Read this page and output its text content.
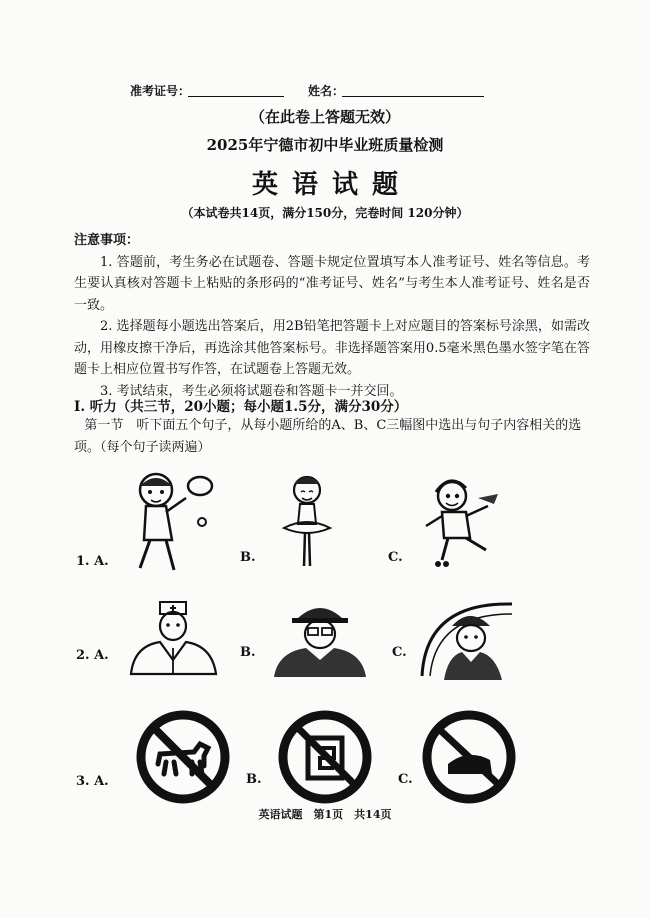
准考证号：	姓名：
（在此卷上答题无效）
2025年宁德市初中毕业班质量检测
英语试题
（本试卷共14页，满分150分，完卷时间 120分钟）
注意事项：

1. 答题前，考生务必在试题卷、答题卡规定位置填写本人准考证号、姓名等信息。考生要认真核对答题卡上粘贴的条形码的“准考证号、姓名”与考生本人准考证号、姓名是否一致。

2. 选择题每小题选出答案后，用2B铅笔把答题卡上对应题目的答案标号涂黑，如需改动，用橡皮擦干净后，再选涂其他答案标号。非选择题答案用0.5毫米黑色墨水签字笔在答题卡上相应位置书写作答，在试题卷上答题无效。

3. 考试结束，考生必须将试题卷和答题卡一并交回。

Ⅰ. 听力（共三节，20小题；每小题1.5分，满分30分）
第一节　听下面五个句子，从每小题所给的A、B、C三幅图中选出与句子内容相关的选项。（每个句子读两遍）
1. A.	B.	C.
2. A.	B.	C.
3. A.	B.	C.
英语试题　第1页　共14页
